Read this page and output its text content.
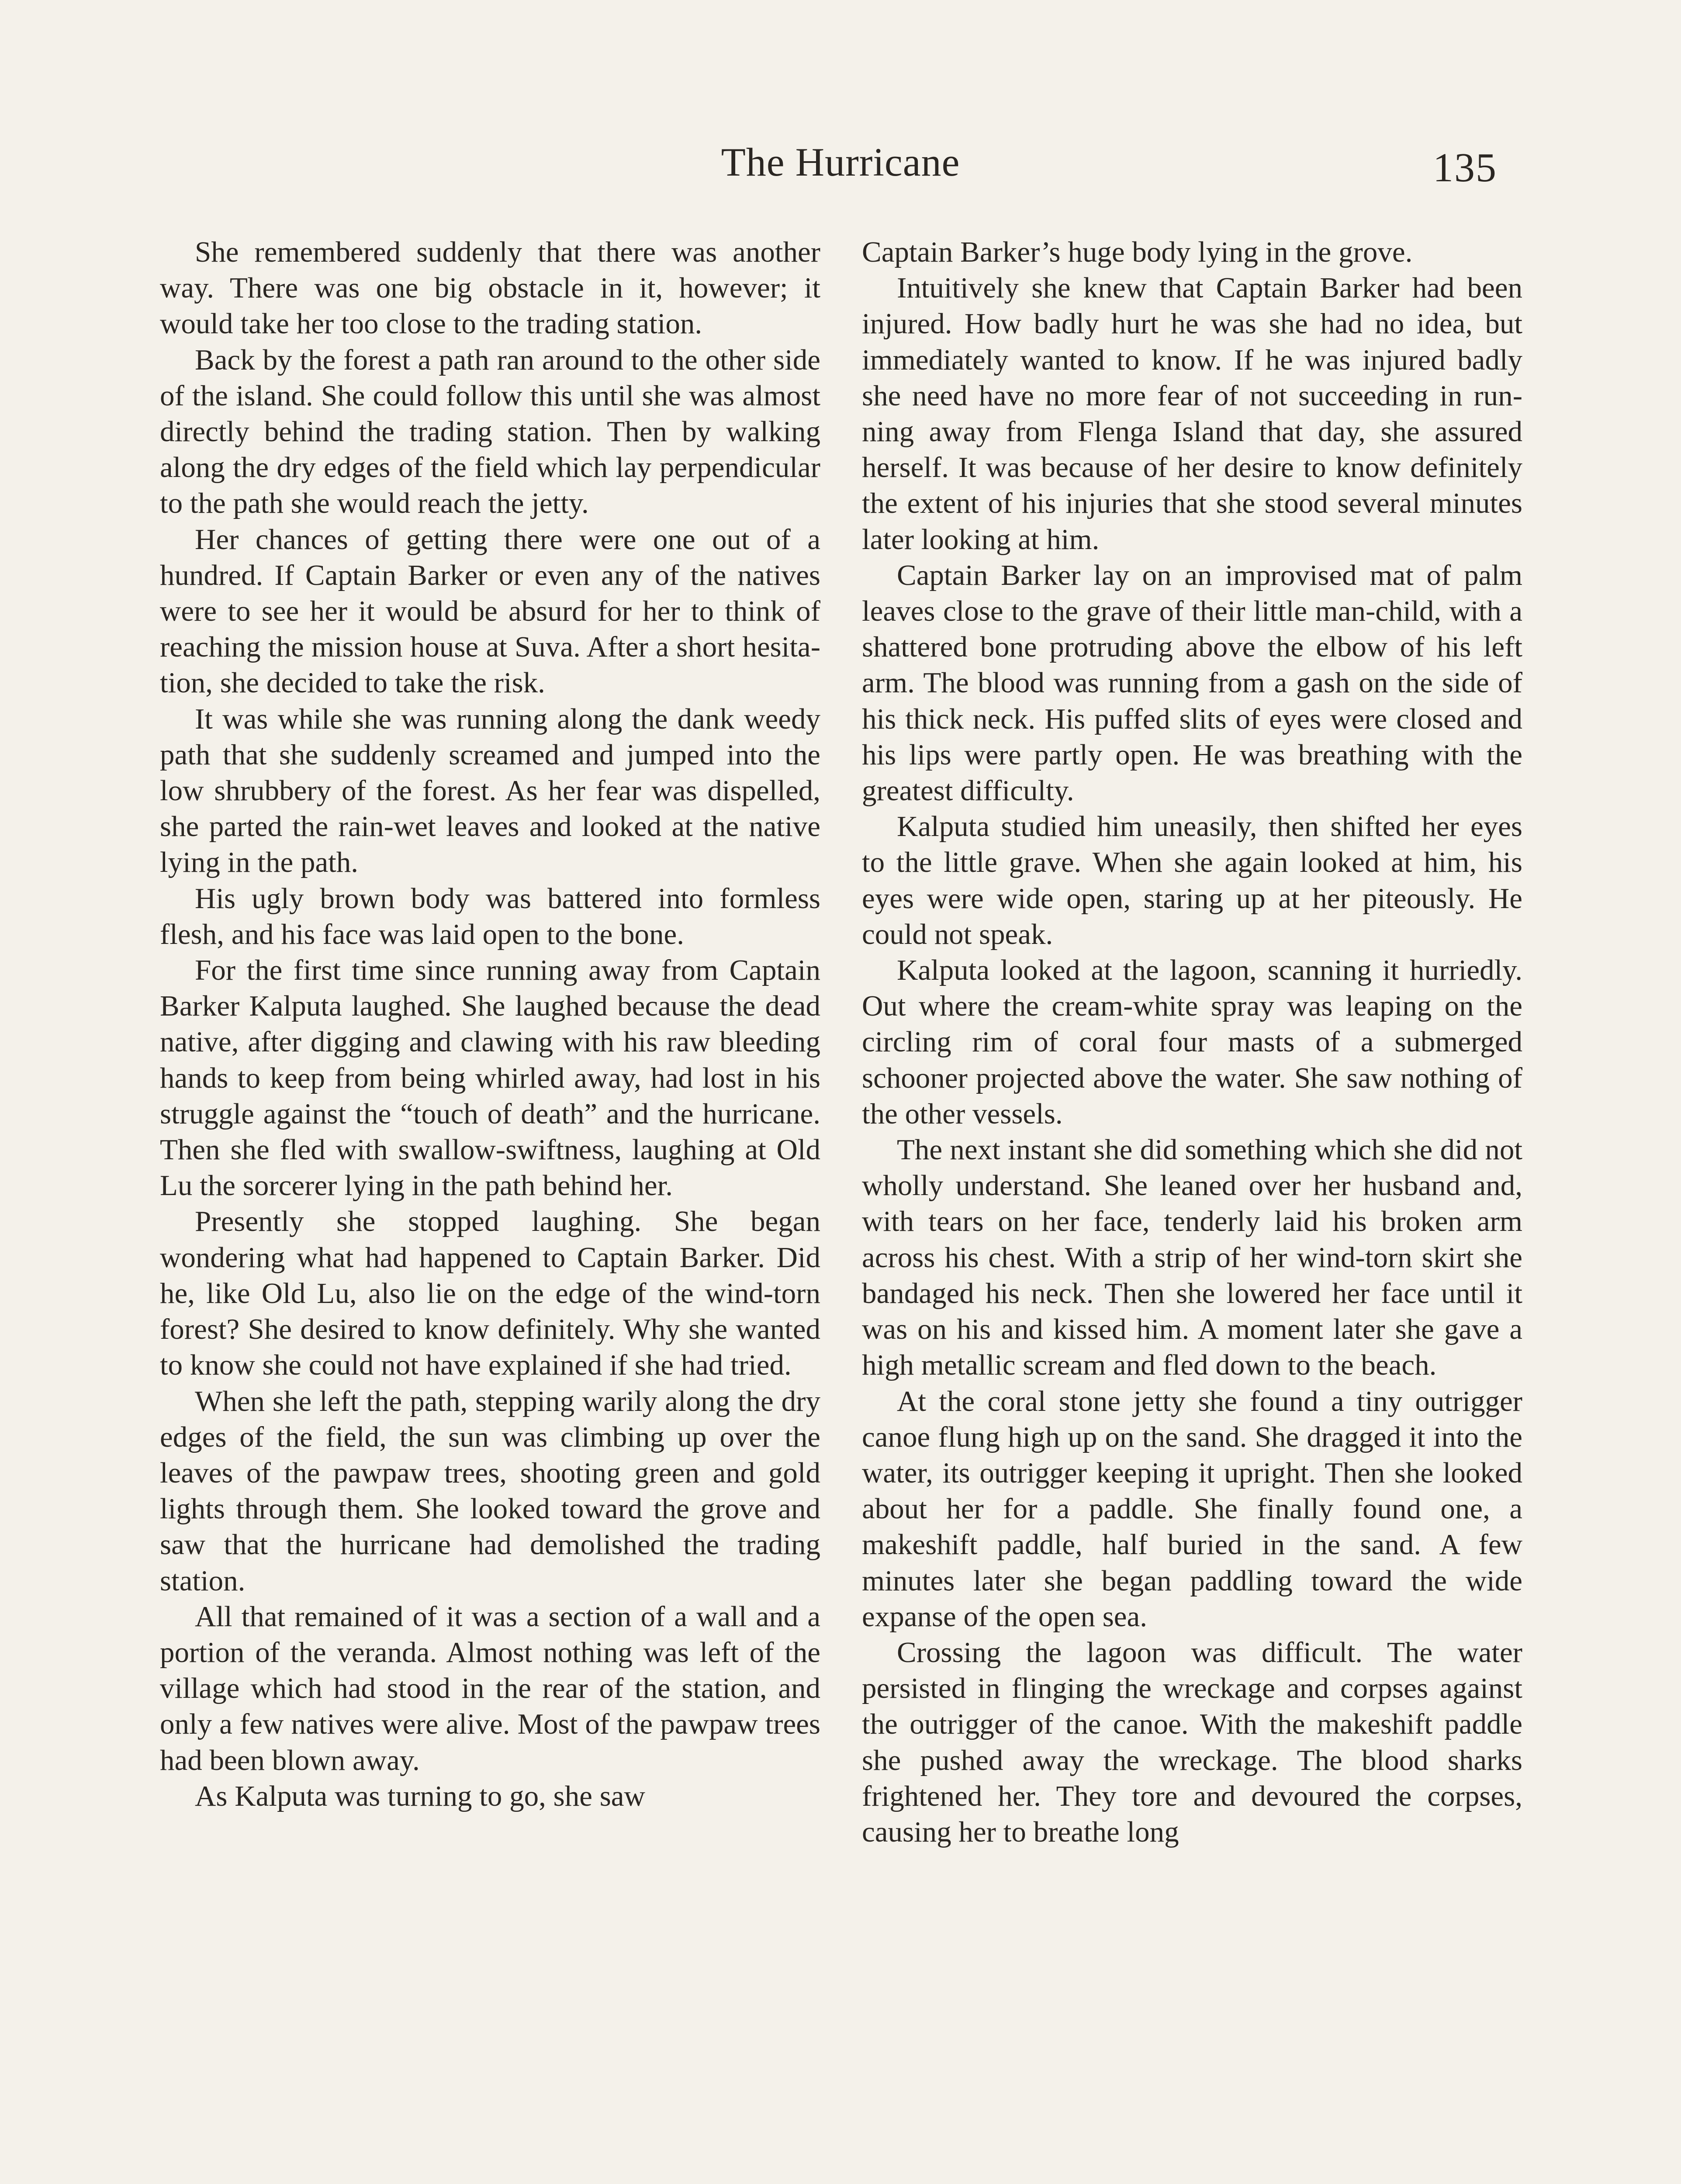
The Hurricane	135

She remembered suddenly that there was another way. There was one big obstacle in it, however; it would take her too close to the trading station.

Back by the forest a path ran around to the other side of the island. She could follow this until she was almost directly behind the trading station. Then by walking along the dry edges of the field which lay perpendicular to the path she would reach the jetty.

Her chances of getting there were one out of a hundred. If Captain Barker or even any of the natives were to see her it would be absurd for her to think of reaching the mission house at Suva. After a short hesitation, she decided to take the risk.

It was while she was running along the dank weedy path that she suddenly screamed and jumped into the low shrubbery of the forest. As her fear was dispelled, she parted the rain-wet leaves and looked at the native lying in the path.

His ugly brown body was battered into formless flesh, and his face was laid open to the bone.

For the first time since running away from Captain Barker Kalputa laughed. She laughed because the dead native, after digging and clawing with his raw bleeding hands to keep from being whirled away, had lost in his struggle against the “touch of death” and the hurricane. Then she fled with swallow-swiftness, laughing at Old Lu the sorcerer lying in the path behind her.

Presently she stopped laughing. She began wondering what had happened to Captain Barker. Did he, like Old Lu, also lie on the edge of the wind-torn forest? She desired to know definitely. Why she wanted to know she could not have explained if she had tried.

When she left the path, stepping warily along the dry edges of the field, the sun was climbing up over the leaves of the pawpaw trees, shooting green and gold lights through them. She looked toward the grove and saw that the hurricane had demolished the trading station.

All that remained of it was a section of a wall and a portion of the veranda. Almost nothing was left of the village which had stood in the rear of the station, and only a few natives were alive. Most of the pawpaw trees had been blown away.

As Kalputa was turning to go, she saw

Captain Barker’s huge body lying in the grove.

Intuitively she knew that Captain Barker had been injured. How badly hurt he was she had no idea, but immediately wanted to know. If he was injured badly she need have no more fear of not succeeding in running away from Flenga Island that day, she assured herself. It was because of her desire to know definitely the extent of his injuries that she stood several minutes later looking at him.

Captain Barker lay on an improvised mat of palm leaves close to the grave of their little man-child, with a shattered bone protruding above the elbow of his left arm. The blood was running from a gash on the side of his thick neck. His puffed slits of eyes were closed and his lips were partly open. He was breathing with the greatest difficulty.

Kalputa studied him uneasily, then shifted her eyes to the little grave. When she again looked at him, his eyes were wide open, staring up at her piteously. He could not speak.

Kalputa looked at the lagoon, scanning it hurriedly. Out where the cream-white spray was leaping on the circling rim of coral four masts of a submerged schooner projected above the water. She saw nothing of the other vessels.

The next instant she did something which she did not wholly understand. She leaned over her husband and, with tears on her face, tenderly laid his broken arm across his chest. With a strip of her wind-torn skirt she bandaged his neck. Then she lowered her face until it was on his and kissed him. A moment later she gave a high metallic scream and fled down to the beach.

At the coral stone jetty she found a tiny outrigger canoe flung high up on the sand. She dragged it into the water, its outrigger keeping it upright. Then she looked about her for a paddle. She finally found one, a makeshift paddle, half buried in the sand. A few minutes later she began paddling toward the wide expanse of the open sea.

Crossing the lagoon was difficult. The water persisted in flinging the wreckage and corpses against the outrigger of the canoe. With the makeshift paddle she pushed away the wreckage. The blood sharks frightened her. They tore and devoured the corpses, causing her to breathe long
